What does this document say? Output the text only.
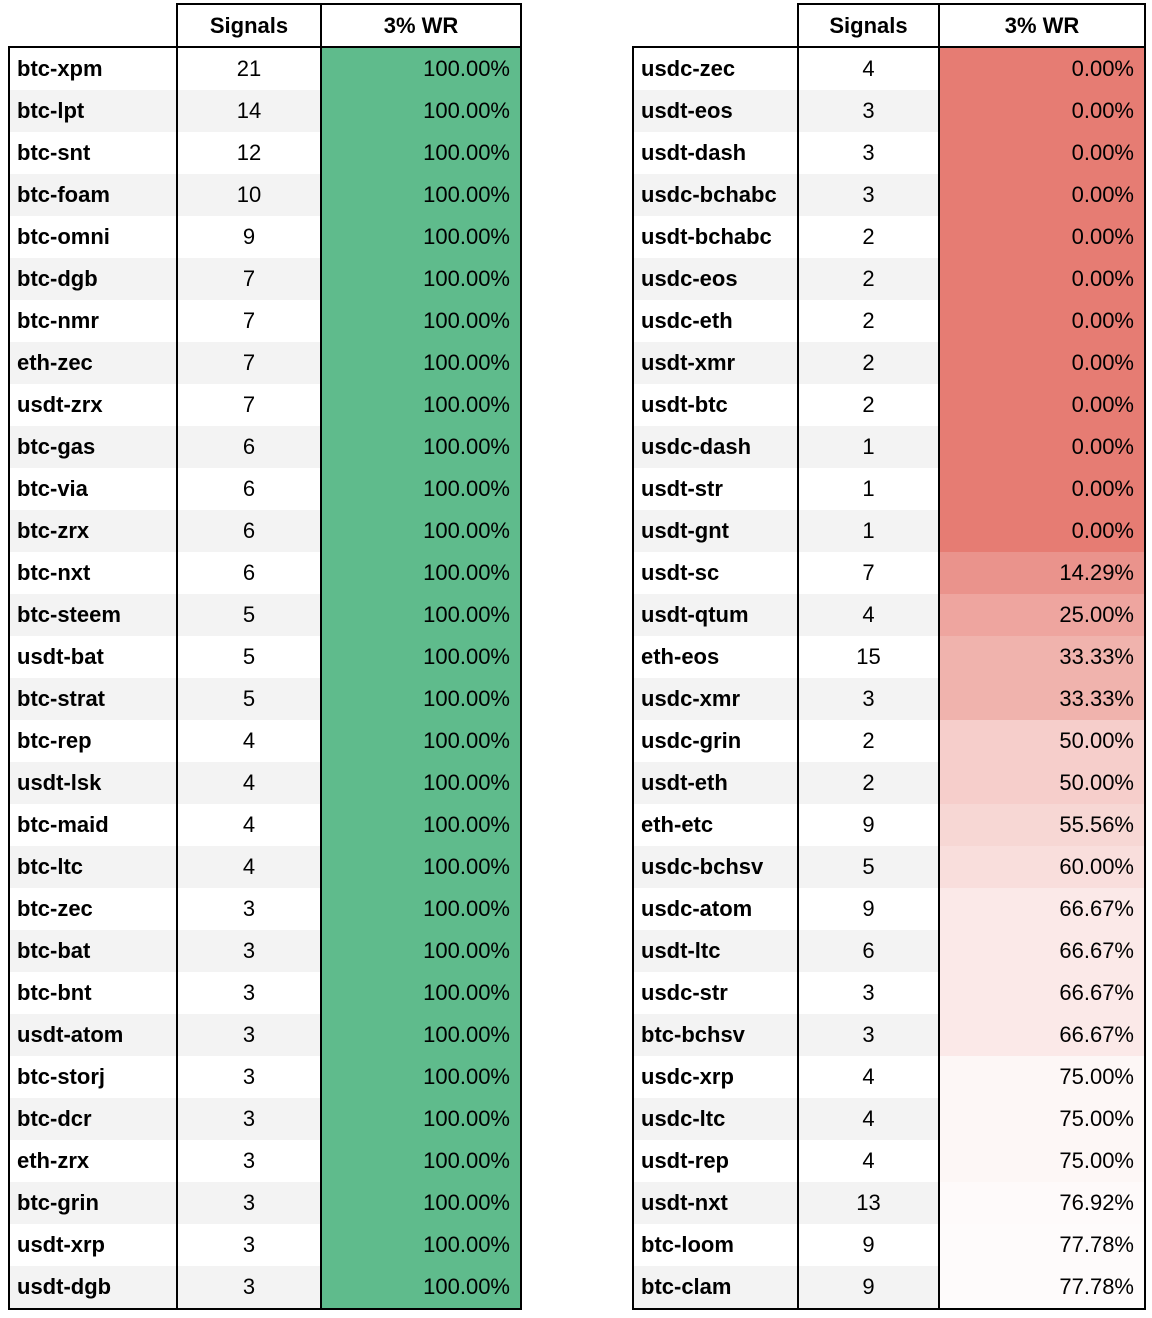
Signals	3% WR
btc-xpm	21	100.00%
btc-lpt	14	100.00%
btc-snt	12	100.00%
btc-foam	10	100.00%
btc-omni	9	100.00%
btc-dgb	7	100.00%
btc-nmr	7	100.00%
eth-zec	7	100.00%
usdt-zrx	7	100.00%
btc-gas	6	100.00%
btc-via	6	100.00%
btc-zrx	6	100.00%
btc-nxt	6	100.00%
btc-steem	5	100.00%
usdt-bat	5	100.00%
btc-strat	5	100.00%
btc-rep	4	100.00%
usdt-lsk	4	100.00%
btc-maid	4	100.00%
btc-ltc	4	100.00%
btc-zec	3	100.00%
btc-bat	3	100.00%
btc-bnt	3	100.00%
usdt-atom	3	100.00%
btc-storj	3	100.00%
btc-dcr	3	100.00%
eth-zrx	3	100.00%
btc-grin	3	100.00%
usdt-xrp	3	100.00%
usdt-dgb	3	100.00%
Signals	3% WR
usdc-zec	4	0.00%
usdt-eos	3	0.00%
usdt-dash	3	0.00%
usdc-bchabc	3	0.00%
usdt-bchabc	2	0.00%
usdc-eos	2	0.00%
usdc-eth	2	0.00%
usdt-xmr	2	0.00%
usdt-btc	2	0.00%
usdc-dash	1	0.00%
usdt-str	1	0.00%
usdt-gnt	1	0.00%
usdt-sc	7	14.29%
usdt-qtum	4	25.00%
eth-eos	15	33.33%
usdc-xmr	3	33.33%
usdc-grin	2	50.00%
usdt-eth	2	50.00%
eth-etc	9	55.56%
usdc-bchsv	5	60.00%
usdc-atom	9	66.67%
usdt-ltc	6	66.67%
usdc-str	3	66.67%
btc-bchsv	3	66.67%
usdc-xrp	4	75.00%
usdc-ltc	4	75.00%
usdt-rep	4	75.00%
usdt-nxt	13	76.92%
btc-loom	9	77.78%
btc-clam	9	77.78%
